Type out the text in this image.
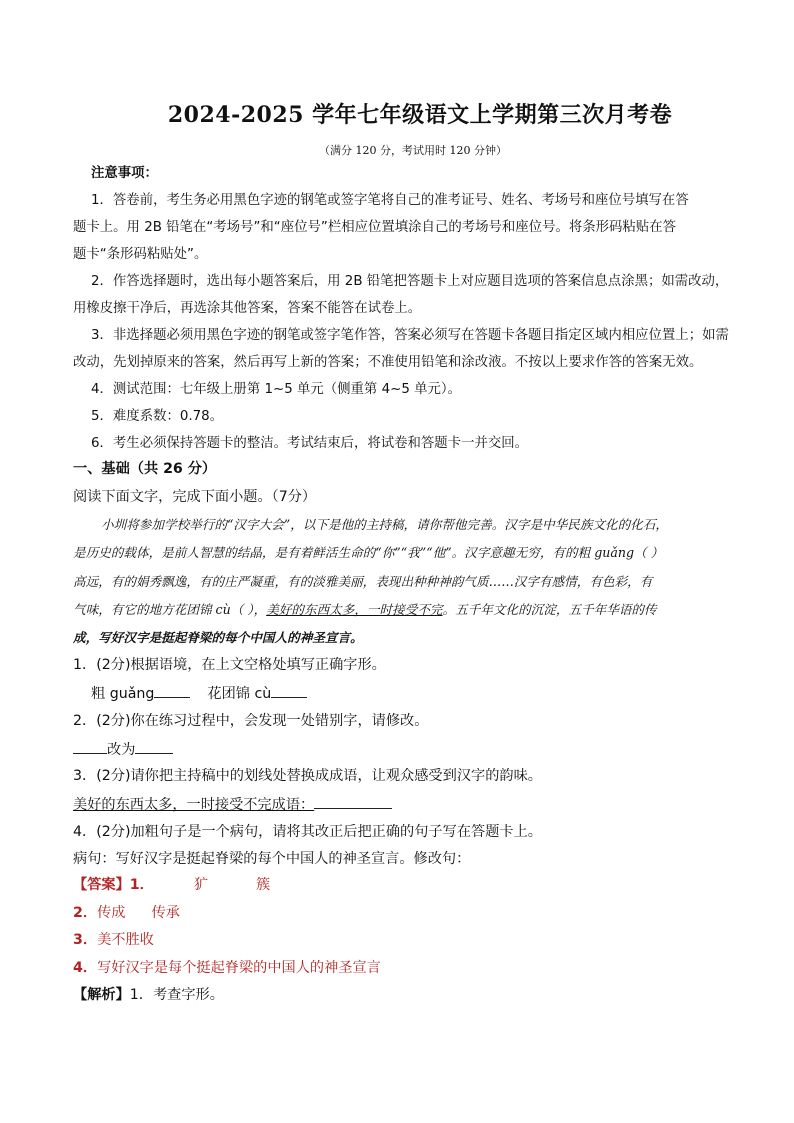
2024-2025 学年七年级语文上学期第三次月考卷
（满分 120 分，考试用时 120 分钟）
注意事项：
1．答卷前，考生务必用黑色字迹的钢笔或签字笔将自己的准考证号、姓名、考场号和座位号填写在答
题卡上。用 2B 铅笔在“考场号”和“座位号”栏相应位置填涂自己的考场号和座位号。将条形码粘贴在答
题卡“条形码粘贴处”。
2．作答选择题时，选出每小题答案后，用 2B 铅笔把答题卡上对应题目选项的答案信息点涂黑；如需改动，
用橡皮擦干净后，再选涂其他答案，答案不能答在试卷上。
3．非选择题必须用黑色字迹的钢笔或签字笔作答，答案必须写在答题卡各题目指定区域内相应位置上；如需
改动，先划掉原来的答案，然后再写上新的答案；不准使用铅笔和涂改液。不按以上要求作答的答案无效。
4．测试范围：七年级上册第 1~5 单元（侧重第 4~5 单元）。
5．难度系数：0.78。
6．考生必须保持答题卡的整洁。考试结束后，将试卷和答题卡一并交回。
一、基础（共 26 分）
阅读下面文字，完成下面小题。（7分）
小圳将参加学校举行的“汉字大会”，以下是他的主持稿，请你帮他完善。汉字是中华民族文化的化石，
是历史的载体，是前人智慧的结晶，是有着鲜活生命的“你”“我”“他”。汉字意趣无穷，有的粗 guǎng（ ）
高远，有的娟秀飘逸，有的庄严凝重，有的淡雅美丽，表现出种种神韵气质……汉字有感情，有色彩，有
气味，有它的地方花团锦 cù（ ），美好的东西太多，一时接受不完。五千年文化的沉淀，五千年华语的传
成，写好汉字是挺起脊梁的每个中国人的神圣宣言。
1．(2分)根据语境，在上文空格处填写正确字形。
粗 guǎng	花团锦 cù
2．(2分)你在练习过程中，会发现一处错别字，请修改。
改为
3．(2分)请你把主持稿中的划线处替换成成语，让观众感受到汉字的韵味。
美好的东西太多，一时接受不完成语：
4．(2分)加粗句子是一个病句，请将其改正后把正确的句子写在答题卡上。
病句：写好汉字是挺起脊梁的每个中国人的神圣宣言。修改句：
【答案】1．	犷	簇
2．传成 传承
3．美不胜收
4．写好汉字是每个挺起脊梁的中国人的神圣宣言
【解析】1．考查字形。
